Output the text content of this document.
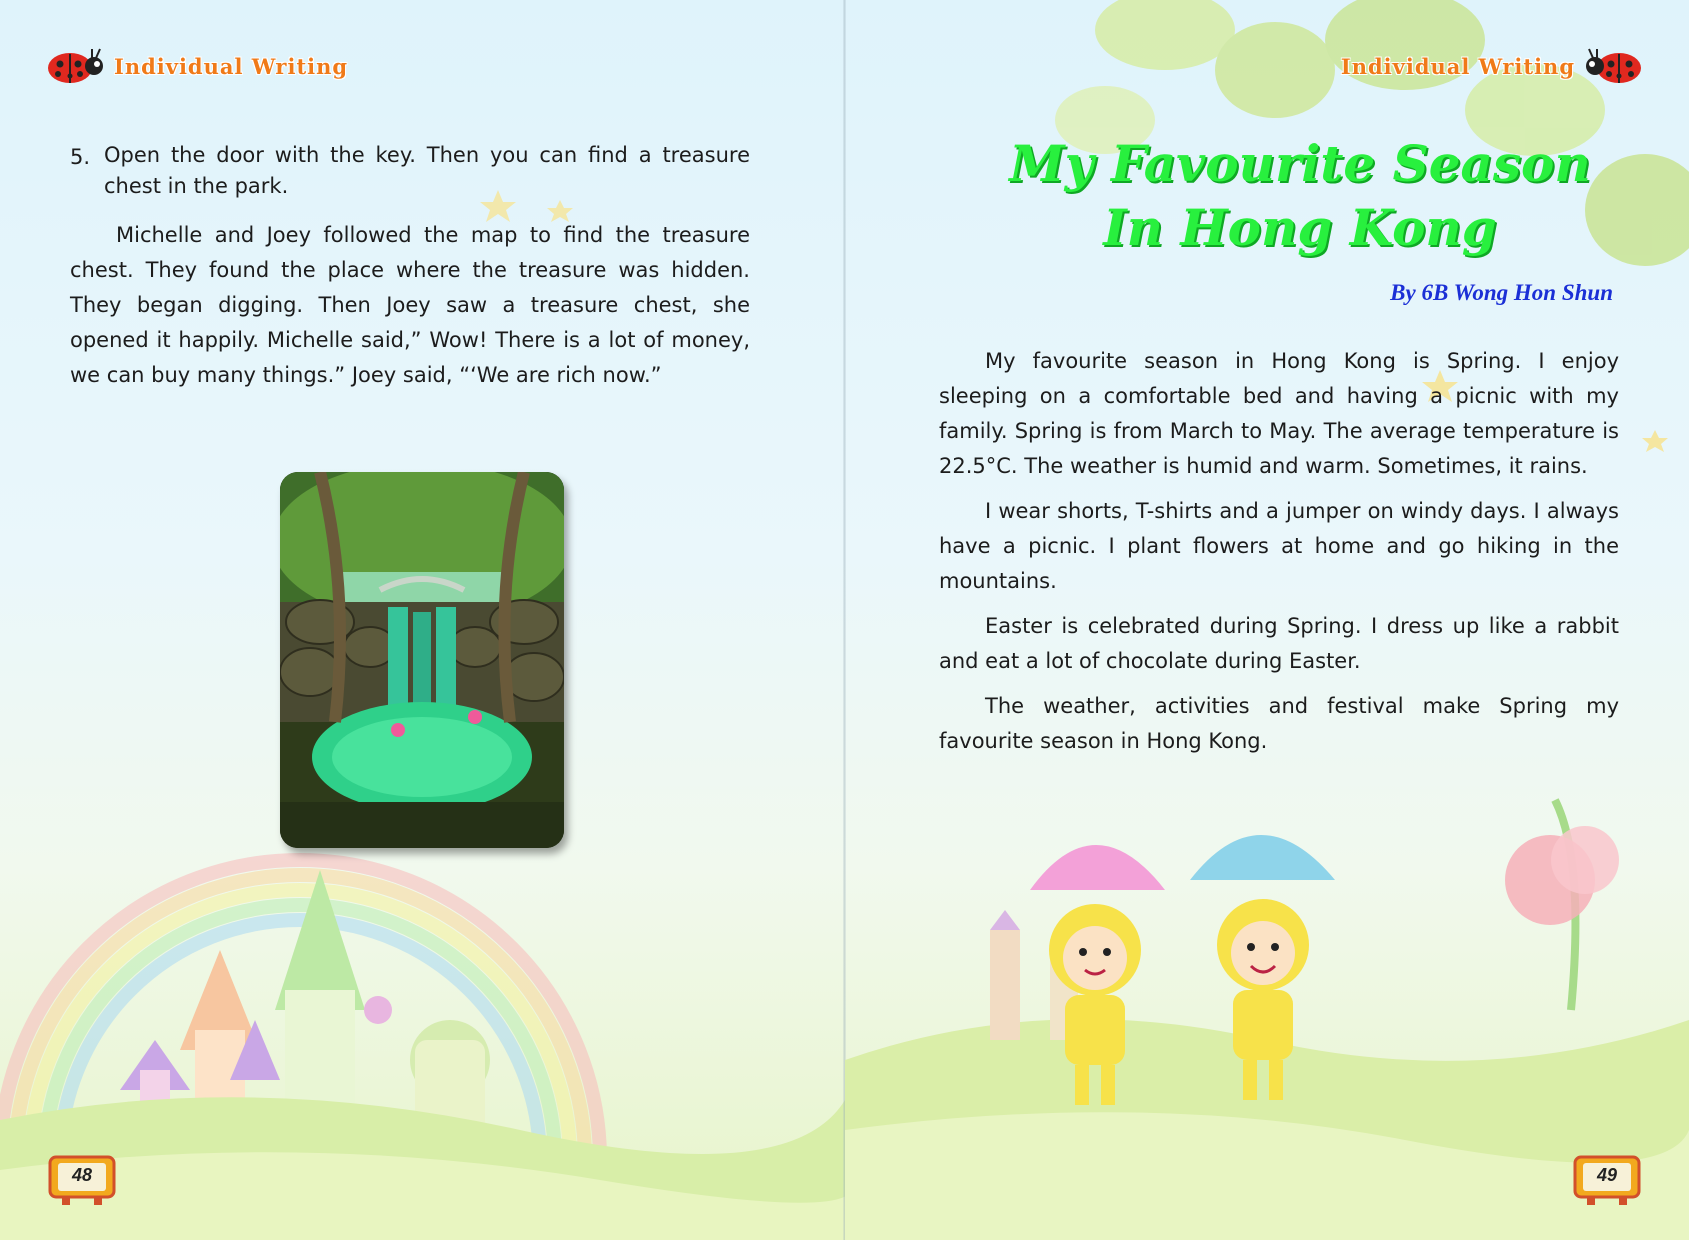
Individual Writing
5. Open the door with the key. Then you can find a treasure chest in the park.

Michelle and Joey followed the map to find the treasure chest. They found the place where the treasure was hidden. They began digging. Then Joey saw a treasure chest, she opened it happily. Michelle said,” Wow! There is a lot of money, we can buy many things.” Joey said, “‘We are rich now.”

48
Individual Writing
My Favourite Season
In Hong Kong
By 6B Wong Hon Shun

My favourite season in Hong Kong is Spring. I enjoy sleeping on a comfortable bed and having a picnic with my family. Spring is from March to May. The average temperature is 22.5°C. The weather is humid and warm. Sometimes, it rains.

I wear shorts, T-shirts and a jumper on windy days. I always have a picnic. I plant flowers at home and go hiking in the mountains.

Easter is celebrated during Spring. I dress up like a rabbit and eat a lot of chocolate during Easter.

The weather, activities and festival make Spring my favourite season in Hong Kong.

49
